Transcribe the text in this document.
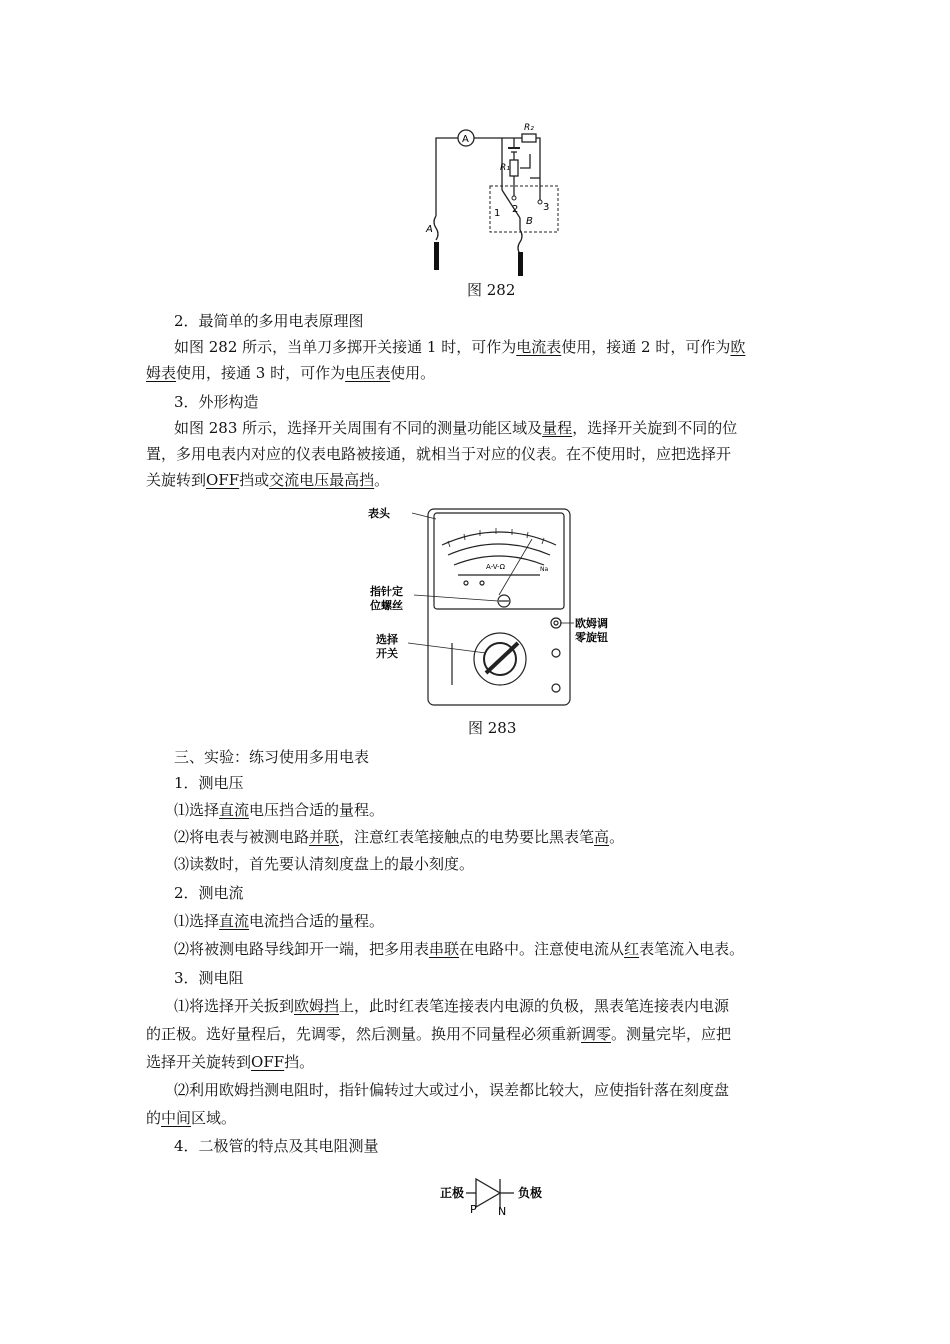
A
R₂
R₁
1 2 3
B
A
图 282
2．最简单的多用电表原理图
如图 282 所示，当单刀多掷开关接通 1 时，可作为电流表使用，接通 2 时，可作为欧
姆表使用，接通 3 时，可作为电压表使用。
3．外形构造
如图 283 所示，选择开关周围有不同的测量功能区域及量程，选择开关旋到不同的位
置，多用电表内对应的仪表电路被接通，就相当于对应的仪表。在不使用时，应把选择开
关旋转到OFF挡或交流电压最高挡。
表头
指针定
位螺丝
选择
开关
欧姆调
零旋钮
A-V-Ω	Na
图 283
三、实验：练习使用多用电表
1．测电压
⑴选择直流电压挡合适的量程。
⑵将电表与被测电路并联，注意红表笔接触点的电势要比黑表笔高。
⑶读数时，首先要认清刻度盘上的最小刻度。
2．测电流
⑴选择直流电流挡合适的量程。
⑵将被测电路导线卸开一端，把多用表串联在电路中。注意使电流从红表笔流入电表。
3．测电阻
⑴将选择开关扳到欧姆挡上，此时红表笔连接表内电源的负极，黑表笔连接表内电源
的正极。选好量程后，先调零，然后测量。换用不同量程必须重新调零。测量完毕，应把
选择开关旋转到OFF挡。
⑵利用欧姆挡测电阻时，指针偏转过大或过小，误差都比较大，应使指针落在刻度盘
的中间区域。
4．二极管的特点及其电阻测量
正极	负极
P N
